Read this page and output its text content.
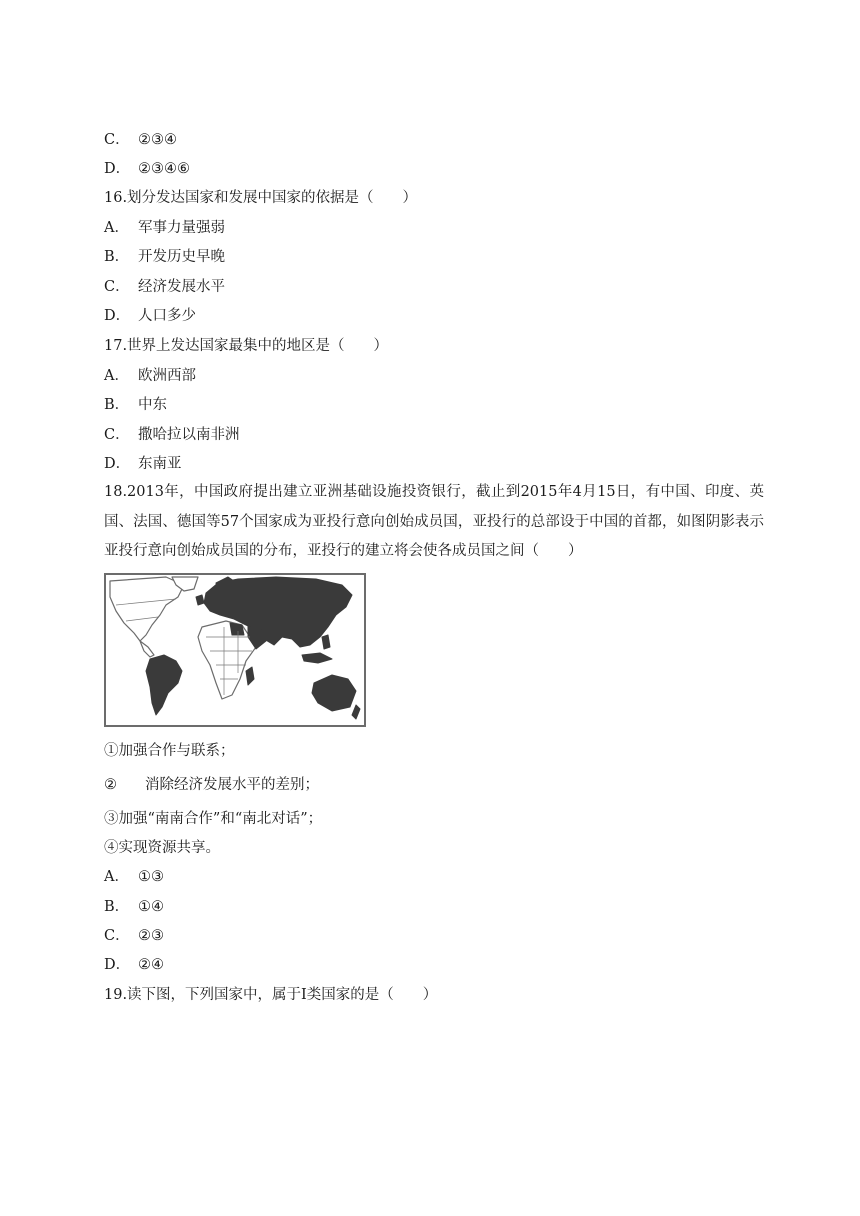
C． ②③④
D． ②③④⑥
16.划分发达国家和发展中国家的依据是（　　）
A． 军事力量强弱
B． 开发历史早晚
C． 经济发展水平
D． 人口多少
17.世界上发达国家最集中的地区是（　　）
A． 欧洲西部
B． 中东
C． 撒哈拉以南非洲
D． 东南亚
18.2013年，中国政府提出建立亚洲基础设施投资银行，截止到2015年4月15日，有中国、印度、英国、法国、德国等57个国家成为亚投行意向创始成员国，亚投行的总部设于中国的首都，如图阴影表示亚投行意向创始成员国的分布，亚投行的建立将会使各成员国之间（　　）
①加强合作与联系；
② 消除经济发展水平的差别；
③加强“南南合作”和“南北对话”；
④实现资源共享。
A． ①③
B． ①④
C． ②③
D． ②④
19.读下图，下列国家中，属于Ⅰ类国家的是（　　）
